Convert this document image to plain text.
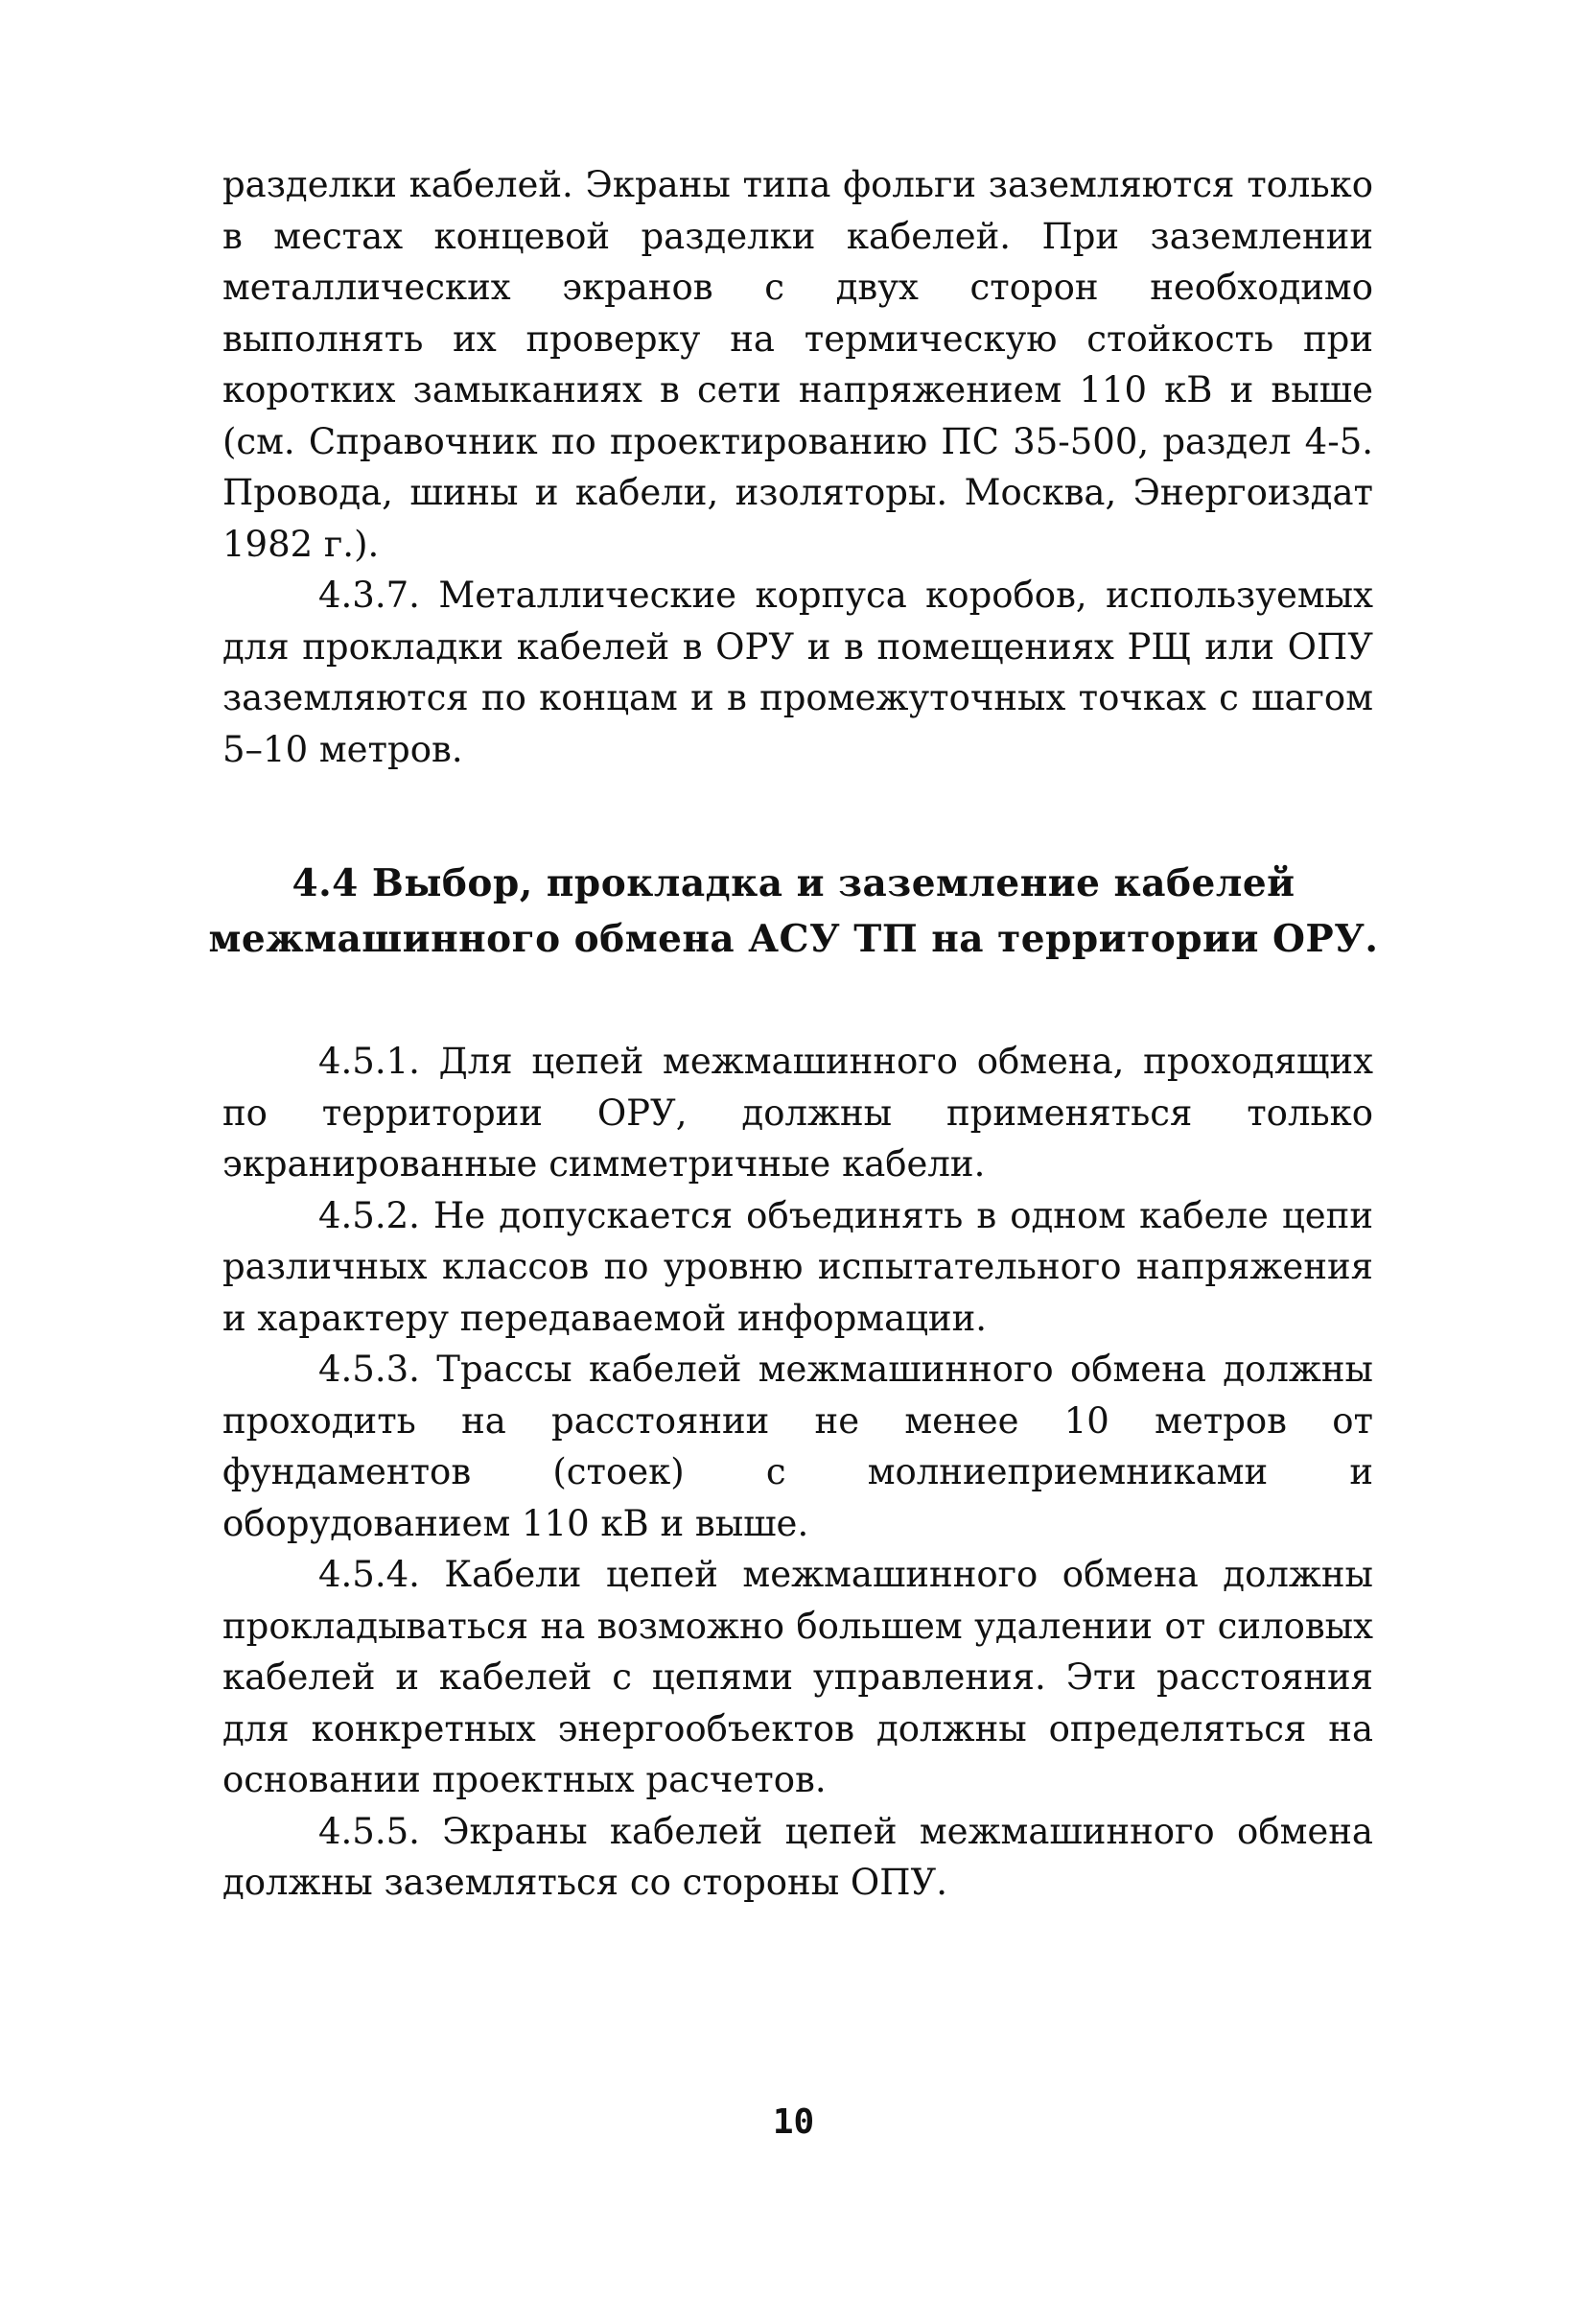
разделки кабелей. Экраны типа фольги заземляются только в местах концевой разделки кабелей. При заземлении металлических экранов с двух сторон необходимо выполнять их проверку на термическую стойкость при коротких замыканиях в сети напряжением 110 кВ и выше (см. Справочник по проектированию ПС 35-500, раздел 4-5. Провода, шины и кабели, изоляторы. Москва, Энергоиздат 1982 г.).

4.3.7. Металлические корпуса коробов, используемых для прокладки кабелей в ОРУ и в помещениях РЩ или ОПУ заземляются по концам и в промежуточных точках с шагом 5–10 метров.

4.4 Выбор, прокладка и заземление кабелей
межмашинного обмена АСУ ТП на территории ОРУ.

4.5.1. Для цепей межмашинного обмена, проходящих по территории ОРУ, должны применяться только экранированные симметричные кабели.

4.5.2. Не допускается объединять в одном кабеле цепи различных классов по уровню испытательного напряжения и характеру передаваемой информации.

4.5.3. Трассы кабелей межмашинного обмена должны проходить на расстоянии не менее 10 метров от фундаментов (стоек) с молниеприемниками и оборудованием 110 кВ и выше.

4.5.4. Кабели цепей межмашинного обмена должны прокладываться на возможно большем удалении от силовых кабелей и кабелей с цепями управления. Эти расстояния для конкретных энергообъектов должны определяться на основании проектных расчетов.

4.5.5. Экраны кабелей цепей межмашинного обмена должны заземляться со стороны ОПУ.

10
